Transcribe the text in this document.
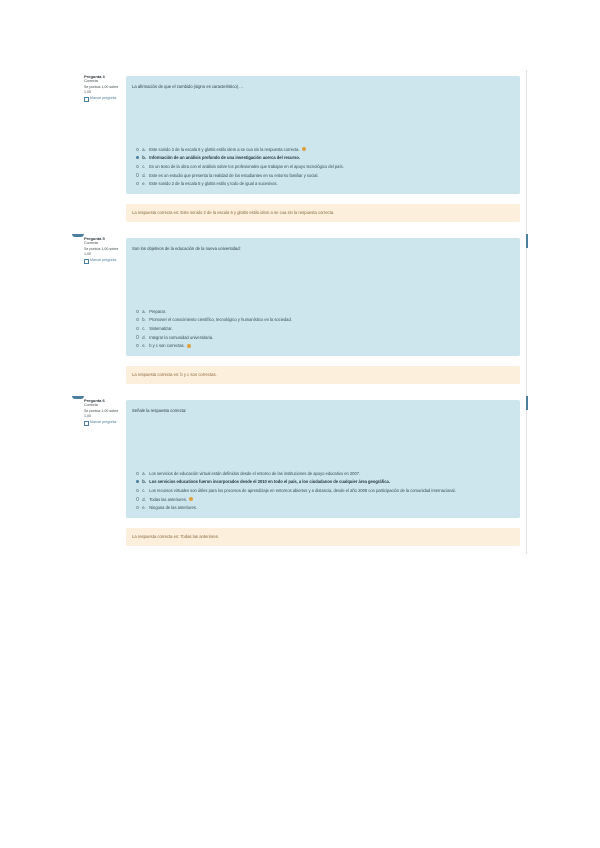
Pregunta 4
Correcta
Se puntúa 1,00 sobre 1,00
Marcar pregunta
La afirmación de que el zumbido (signo es característico) ...
a. Este sonido 2 de la escala 5 y glottis estilo idem a se cua sin la respuesta correcta.
b. Información de un análisis profundo de una investigación acerca del recurso.
c. Es un texto de la obra con el análisis sobre los profesionales que trabajan en el apoyo tecnológico del país.
d. Este es un estudio que presenta la realidad de los estudiantes en su entorno familiar y social.
e. Este sonido 2 de la escala 5 y glottis estilo y todo de igual a sucesivos.
La respuesta correcta es: Este sonido 2 de la escala 5 y glottis estilo idem a se cua sin la respuesta correcta.
Pregunta 5
Correcta
Se puntúa 1,00 sobre 1,00
Marcar pregunta
Son los objetivos de la educación de la nueva universidad:
a. Preparar.
b. Promover el conocimiento científico, tecnológico y humanístico en la sociedad.
c. Sistematizar.
d. Integrar la comunidad universitaria.
e. b y c son correctas.
La respuesta correcta es: b y c son correctas.
Pregunta 6
Correcta
Se puntúa 1,00 sobre 1,00
Marcar pregunta
Señale la respuesta correcta:
a. Los servicios de educación virtual están definidos desde el entorno de las instituciones de apoyo educativo en 2007.
b. Los servicios educativos fueron incorporados desde el 2010 en todo el país, a los ciudadanos de cualquier área geográfica.
c. Los recursos virtuales son útiles para los procesos de aprendizaje en entornos abiertos y a distancia, desde el año 2008 con participación de la comunidad internacional.
d. Todas las anteriores.
e. Ninguna de las anteriores.
La respuesta correcta es: Todas las anteriores.
